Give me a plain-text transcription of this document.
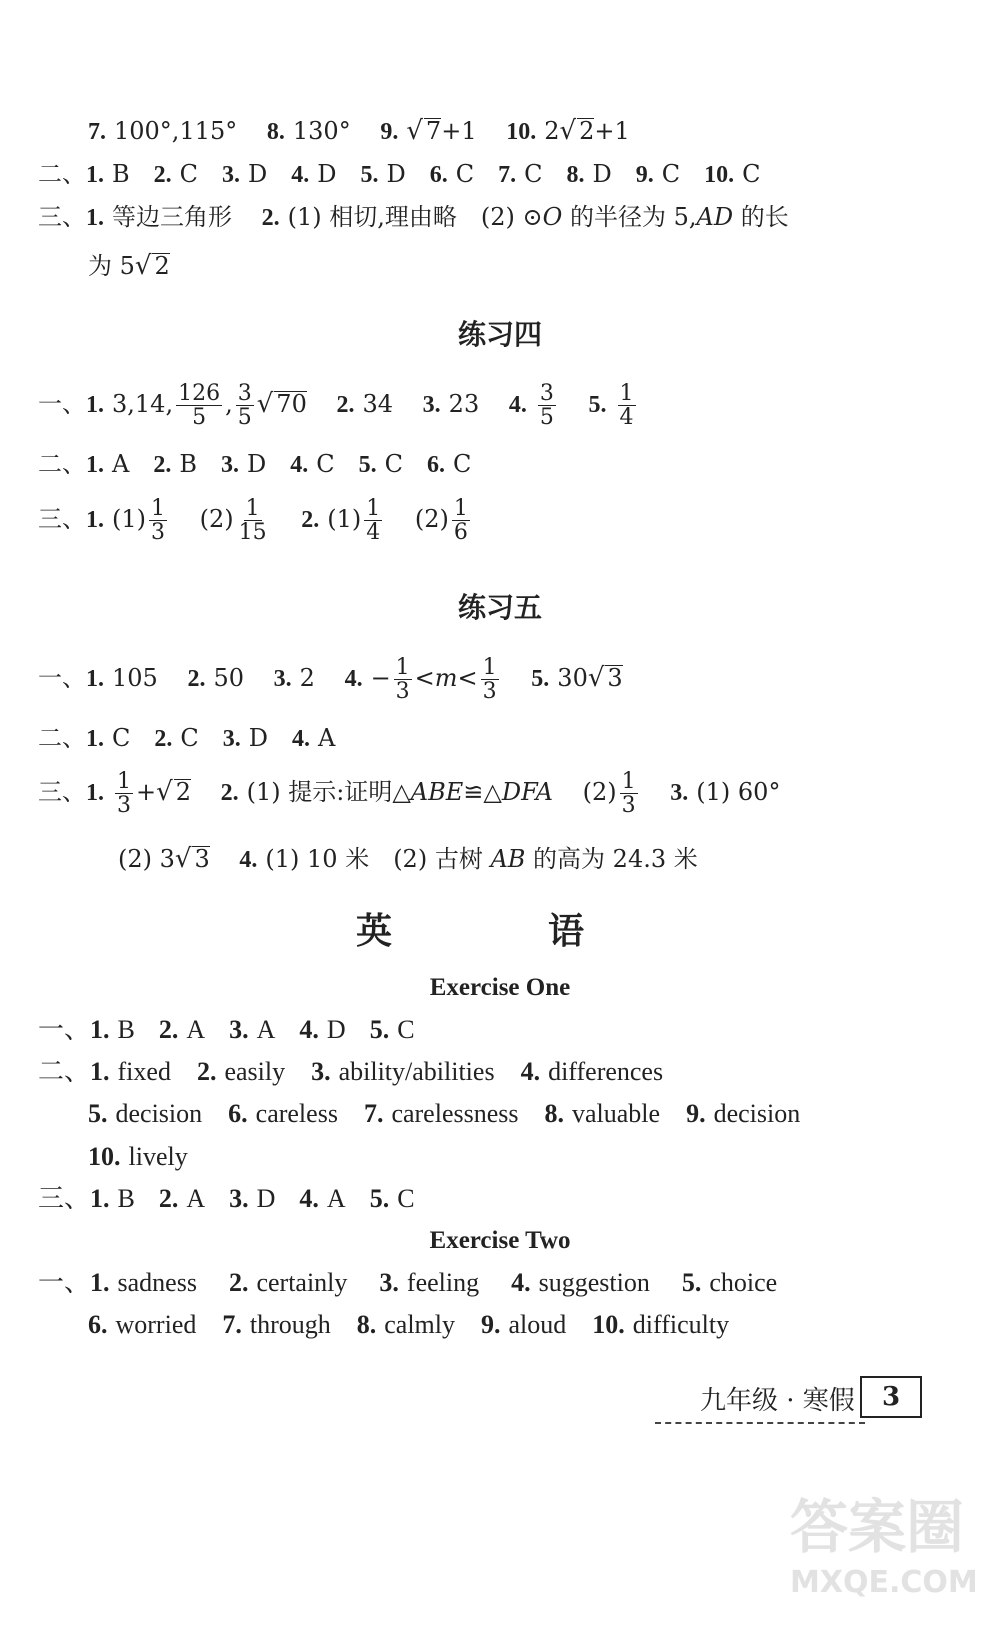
7. 100°,115° 8. 130° 9. √ 7+1 10. 2√ 2+1
二、1. B 2. C 3. D 4. D 5. D 6. C 7. C 8. D 9. C 10. C
三、1. 等边三角形 2. (1) 相切,理由略　(2) ⊙O 的半径为 5,AD 的长
为 5√ 2
练习四
一、1. 3,14, $\frac{126}{5}$ , $\frac{3}{5}$ √ 70 2. 34 3. 23 4. $\frac{3}{5} 5$. $\frac{1}{4}$
二、1. A 2. B 3. D 4. C 5. C 6. C
三、1. $(1) \frac{1}{3} (2) \frac{1}{15} 2$. $(1) \frac{1}{4} (2) \frac{1}{6}$
练习五
一、1. 105 2. 50 3. 2 4. − $\frac{1}{3} <m< \frac{1}{3} 5$. 30√ 3
二、1. C 2. C 3. D 4. A
三、1. $\frac{1}{3}$ +√ 2 2. (1) 提示:证明△ABE≌△DFA $(2) \frac{1}{3} 3$. (1) 60°
(2) 3√ 3 4. (1) 10 米　(2) 古树 AB 的高为 24.3 米
英　语
Exercise One
一、1. B 2. A 3. A 4. D 5. C
二、1. fixed 2. easily 3. ability/abilities 4. differences
5. decision 6. careless 7. carelessness 8. valuable 9. decision
10. lively
三、1. B 2. A 3. D 4. A 5. C
Exercise Two
一、1. sadness 2. certainly 3. feeling 4. suggestion 5. choice
6. worried 7. through 8. calmly 9. aloud 10. difficulty
九年级 · 寒假	3
答案圈
MXQE.COM
